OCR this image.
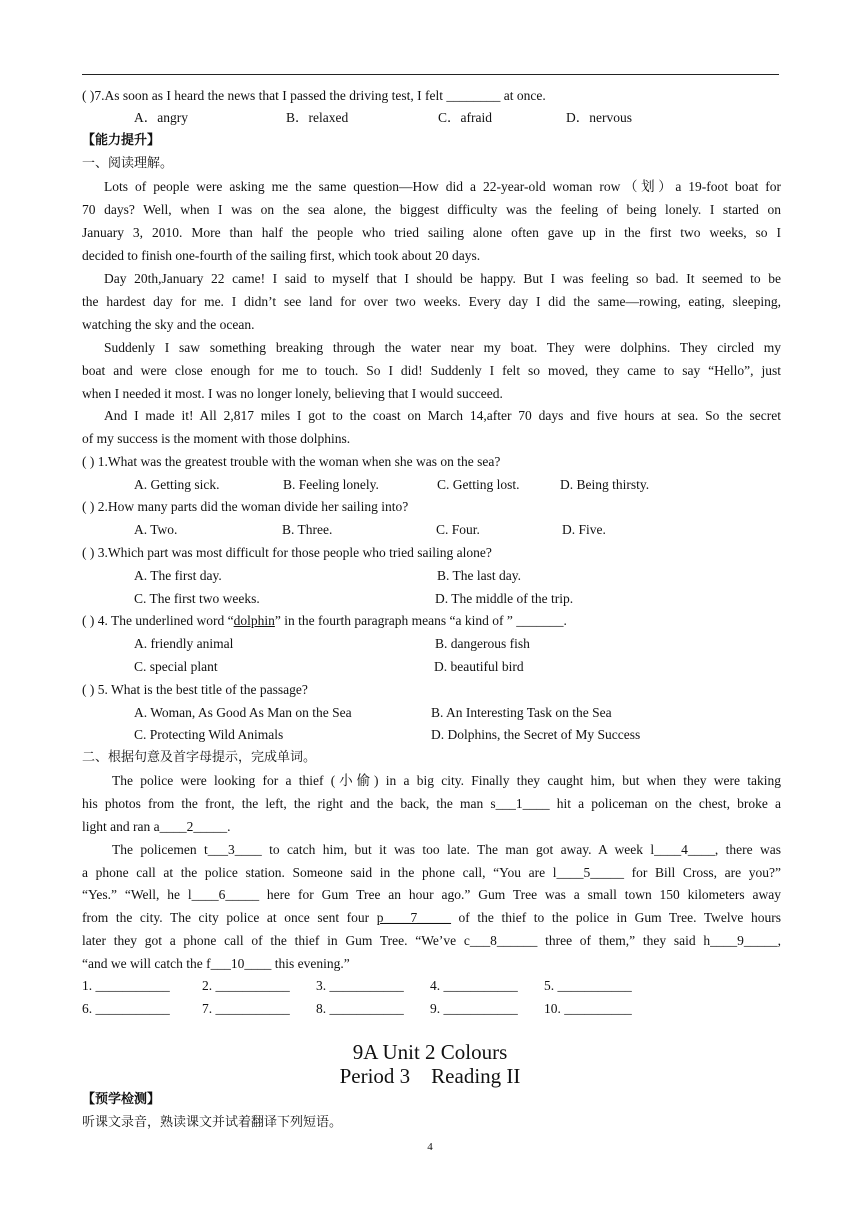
( )7.As soon as I heard the news that I passed the driving test, I felt ________ at once.
A．angry	B．relaxed	C．afraid	D．nervous
【能力提升】
一、阅读理解。
Lots of people were asking me the same question—How did a 22-year-old woman row（划）a 19-foot boat for
70 days? Well, when I was on the sea alone, the biggest difficulty was the feeling of being lonely. I started on
January 3, 2010. More than half the people who tried sailing alone often gave up in the first two weeks, so I
decided to finish one-fourth of the sailing first, which took about 20 days.
Day 20th,January 22 came! I said to myself that I should be happy. But I was feeling so bad. It seemed to be
the hardest day for me. I didn’t see land for over two weeks. Every day I did the same—rowing, eating, sleeping,
watching the sky and the ocean.
Suddenly I saw something breaking through the water near my boat. They were dolphins. They circled my
boat and were close enough for me to touch. So I did! Suddenly I felt so moved, they came to say “Hello”, just
when I needed it most. I was no longer lonely, believing that I would succeed.
And I made it! All 2,817 miles I got to the coast on March 14,after 70 days and five hours at sea. So the secret
of my success is the moment with those dolphins.
( ) 1.What was the greatest trouble with the woman when she was on the sea?
A. Getting sick.	B. Feeling lonely.	C. Getting lost.	D. Being thirsty.
( ) 2.How many parts did the woman divide her sailing into?
A. Two.	B. Three.	C. Four.	D. Five.
( ) 3.Which part was most difficult for those people who tried sailing alone?
A. The first day.	B. The last day.
C. The first two weeks.	D. The middle of the trip.
( ) 4. The underlined word “dolphin” in the fourth paragraph means “a kind of ” _______.
A. friendly animal	B. dangerous fish
C. special plant	D. beautiful bird
( ) 5. What is the best title of the passage?
A. Woman, As Good As Man on the Sea	B. An Interesting Task on the Sea
C. Protecting Wild Animals	D. Dolphins, the Secret of My Success
二、根据句意及首字母提示，完成单词。
The police were looking for a thief (小偷) in a big city. Finally they caught him, but when they were taking
his photos from the front, the left, the right and the back, the man s___1____ hit a policeman on the chest, broke a
light and ran a____2_____.
The policemen t___3____ to catch him, but it was too late. The man got away. A week l____4____, there was
a phone call at the police station. Someone said in the phone call, “You are l____5_____ for Bill Cross, are you?”
“Yes.” “Well, he l____6_____ here for Gum Tree an hour ago.” Gum Tree was a small town 150 kilometers away
from the city. The city police at once sent four p____7_____ of the thief to the police in Gum Tree. Twelve hours
later they got a phone call of the thief in Gum Tree. “We’ve c___8______ three of them,” they said h____9_____,
“and we will catch the f___10____ this evening.”
1. ___________ 2. ___________ 3. ___________ 4. ___________ 5. ___________
6. ___________ 7. ___________ 8. ___________ 9. ___________ 10. __________
9A Unit 2 Colours
Period 3    Reading II
【预学检测】
听课文录音，熟读课文并试着翻译下列短语。
4
